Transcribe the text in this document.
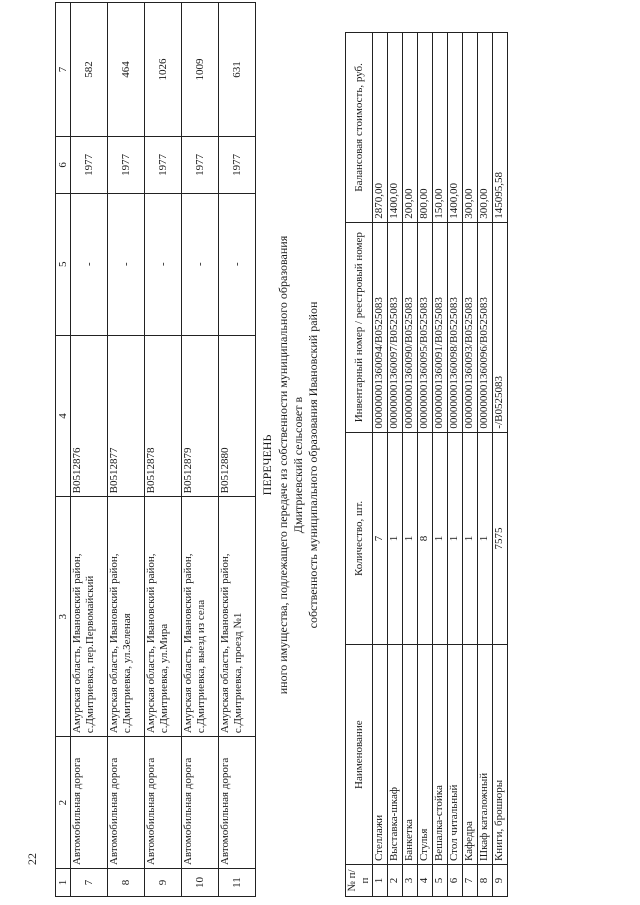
22
1	2	3	4	5	6	7
7	Автомобильная дорога	Амурская область, Ивановский район, с.Дмитриевка, пер.Первомайский	В0512876	-	1977	582
8	Автомобильная дорога	Амурская область, Ивановский район, с.Дмитриевка, ул.Зеленая	В0512877	-	1977	464
9	Автомобильная дорога	Амурская область, Ивановский район, с.Дмитриевка, ул.Мира	В0512878	-	1977	1026
10	Автомобильная дорога	Амурская область, Ивановский район, с.Дмитриевка, выезд из села	В0512879	-	1977	1009
11	Автомобильная дорога	Амурская область, Ивановский район, с.Дмитриевка, проезд №1	В0512880	-	1977	631
ПЕРЕЧЕНЬ иного имущества, подлежащего передаче из собственности муниципального образования Дмитриевский сельсовет в собственность муниципального образования Ивановский район
№ п/п	Наименование	Количество, шт.	Инвентарный номер / реестровый номер	Балансовая стоимость, руб.
1	Стеллажи	7	000000001360094/В0525083	2870,00
2	Выставка-шкаф	1	000000001360097/В0525083	1400,00
3	Банкетка	1	000000001360090/В0525083	200,00
4	Стулья	8	000000001360095/В0525083	800,00
5	Вешалка-стойка	1	000000001360091/В0525083	150,00
6	Стол читальный	1	000000001360098/В0525083	1400,00
7	Кафедра	1	000000001360093/В0525083	300,00
8	Шкаф каталожный	1	000000001360096/В0525083	300,00
9	Книги, брошюры	7575	-/В0525083	145095,58
